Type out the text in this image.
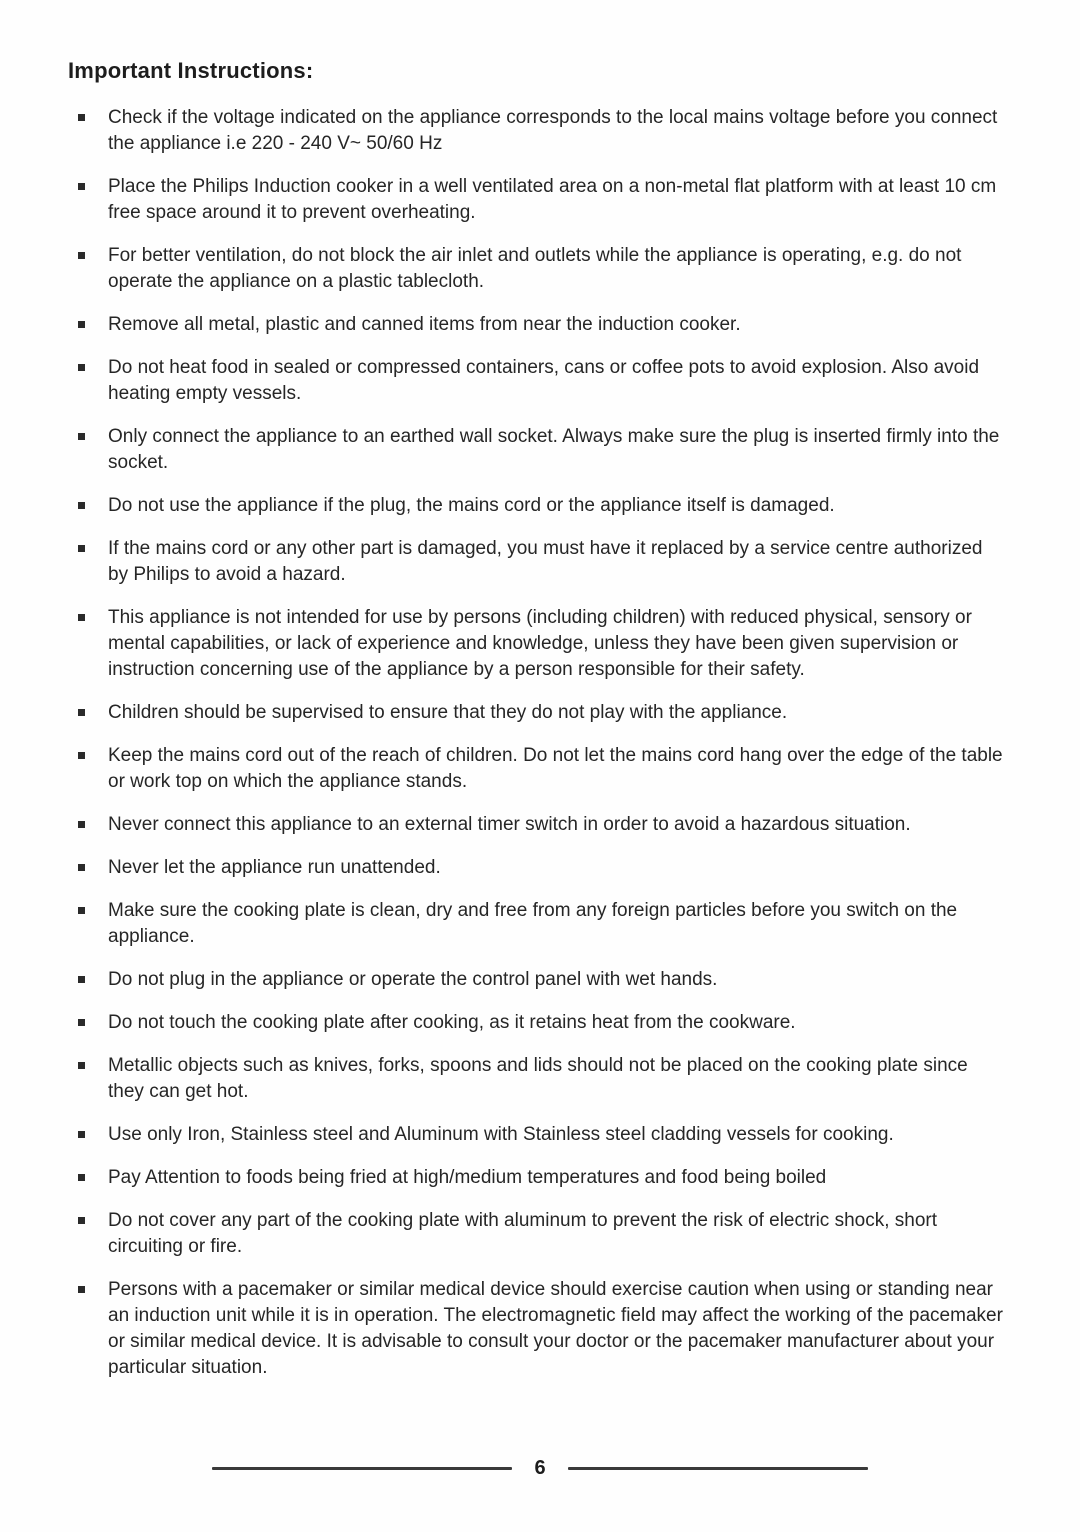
Important Instructions:
Check if the voltage indicated on the appliance corresponds to the local mains voltage before you connect the appliance i.e 220 - 240 V~ 50/60 Hz
Place the Philips Induction cooker in a well ventilated area on a non-metal flat platform with at least 10 cm free space around it to prevent overheating.
For better ventilation, do not block the air inlet and outlets while the appliance is operating, e.g. do not operate the appliance on a plastic tablecloth.
Remove all metal, plastic and canned items from near the induction cooker.
Do not heat food in sealed or compressed containers, cans or coffee pots to avoid explosion. Also avoid heating empty vessels.
Only connect the appliance to an earthed wall socket. Always make sure the plug is inserted firmly into the socket.
Do not use the appliance if the plug, the mains cord or the appliance itself is damaged.
If the mains cord or any other part is damaged, you must have it replaced by a service centre authorized by Philips to avoid a hazard.
This appliance is not intended for use by persons (including children) with reduced physical, sensory or mental capabilities, or lack of experience and knowledge, unless they have been given supervision or instruction concerning use of the appliance by a person responsible for their safety.
Children should be supervised to ensure that they do not play with the appliance.
Keep the mains cord out of the reach of children. Do not let the mains cord hang over the edge of the table or work top on which the appliance stands.
Never connect this appliance to an external timer switch in order to avoid a hazardous situation.
Never let the appliance run unattended.
Make sure the cooking plate is clean, dry and free from any foreign particles before you switch on the appliance.
Do not plug in the appliance or operate the control panel with wet hands.
Do not touch the cooking plate after cooking, as it retains heat from the cookware.
Metallic objects such as knives, forks, spoons and lids should not be placed on the cooking plate since they can get hot.
Use only Iron, Stainless steel and Aluminum with Stainless steel cladding vessels for cooking.
Pay Attention to foods being fried at high/medium temperatures and food being boiled
Do not cover any part of the cooking plate with aluminum to prevent the risk of electric shock, short circuiting or fire.
Persons with a pacemaker or similar medical device should exercise caution when using or standing near an induction unit while it is in operation. The electromagnetic field may affect the working of the pacemaker or similar medical device. It is advisable to consult your doctor or the pacemaker manufacturer about your particular situation.
6
